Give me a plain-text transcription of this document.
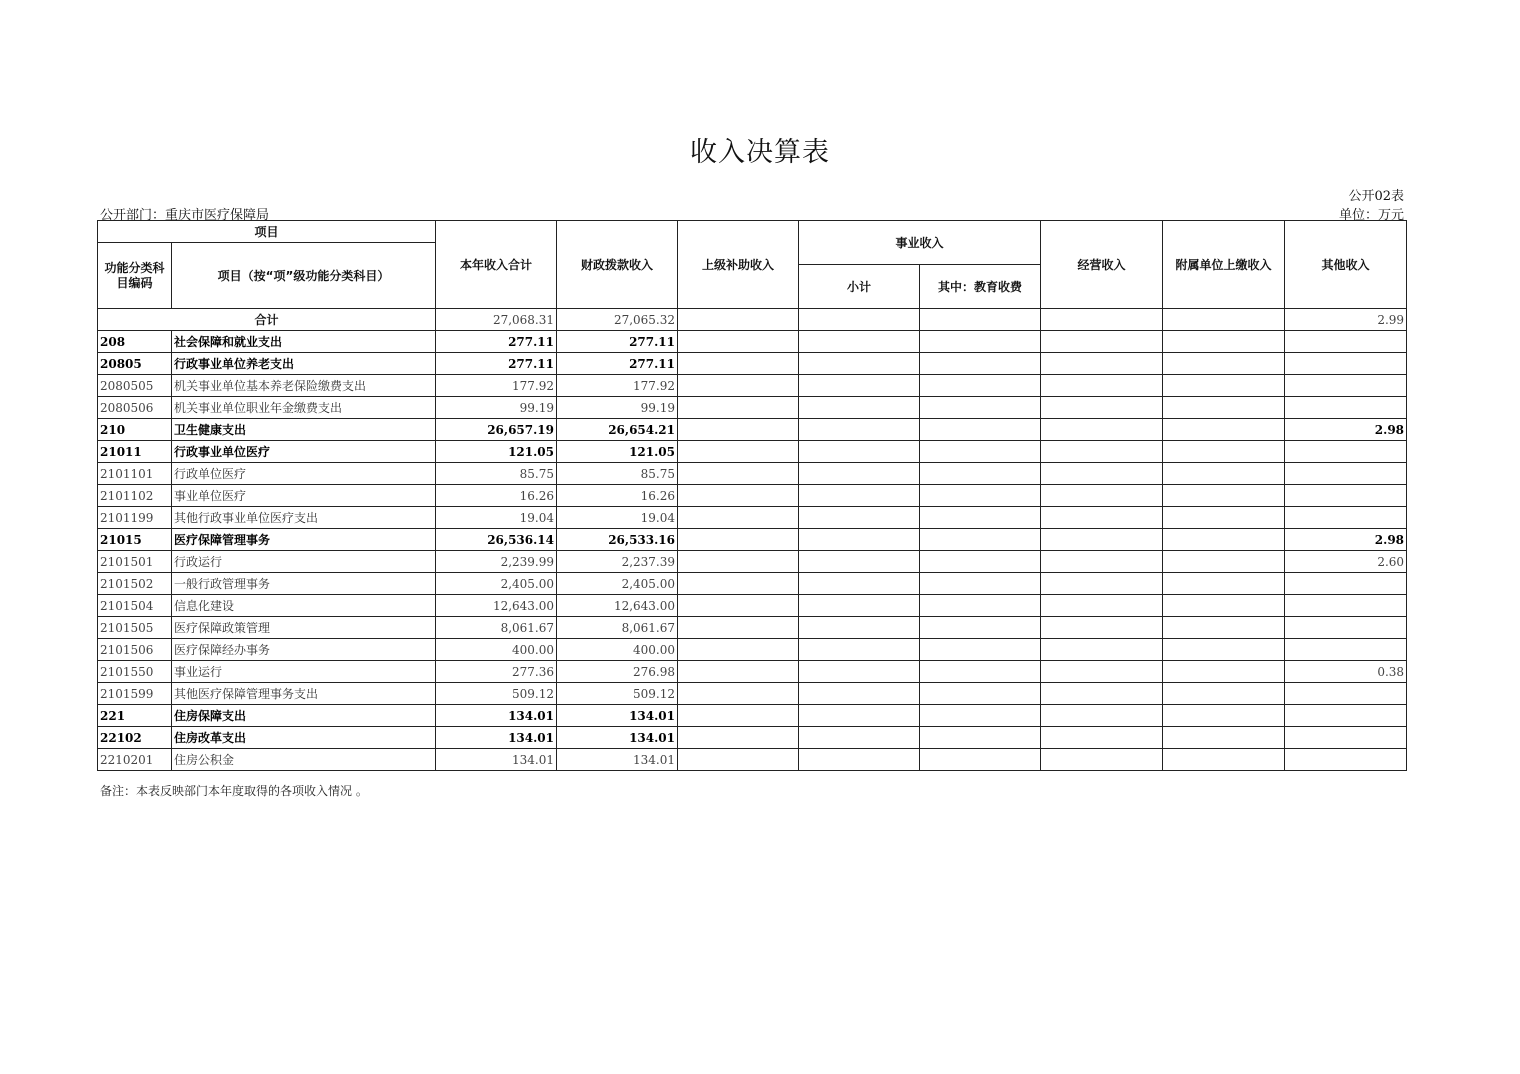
收入决算表
公开02表
公开部门：重庆市医疗保障局	单位：万元
项目		本年收入合计	财政拨款收入	上级补助收入	事业收入		经营收入	附属单位上缴收入	其他收入
功能分类科目编码	项目（按“项”级功能分类科目）								
					小计	其中：教育收费			
合计		27,068.31	27,065.32						2.99
208	社会保障和就业支出	277.11	277.11						
20805	行政事业单位养老支出	277.11	277.11						
2080505	机关事业单位基本养老保险缴费支出	177.92	177.92						
2080506	机关事业单位职业年金缴费支出	99.19	99.19						
210	卫生健康支出	26,657.19	26,654.21						2.98
21011	行政事业单位医疗	121.05	121.05						
2101101	行政单位医疗	85.75	85.75						
2101102	事业单位医疗	16.26	16.26						
2101199	其他行政事业单位医疗支出	19.04	19.04						
21015	医疗保障管理事务	26,536.14	26,533.16						2.98
2101501	行政运行	2,239.99	2,237.39						2.60
2101502	一般行政管理事务	2,405.00	2,405.00						
2101504	信息化建设	12,643.00	12,643.00						
2101505	医疗保障政策管理	8,061.67	8,061.67						
2101506	医疗保障经办事务	400.00	400.00						
2101550	事业运行	277.36	276.98						0.38
2101599	其他医疗保障管理事务支出	509.12	509.12						
221	住房保障支出	134.01	134.01						
22102	住房改革支出	134.01	134.01						
2210201	住房公积金	134.01	134.01						
备注：本表反映部门本年度取得的各项收入情况 。
